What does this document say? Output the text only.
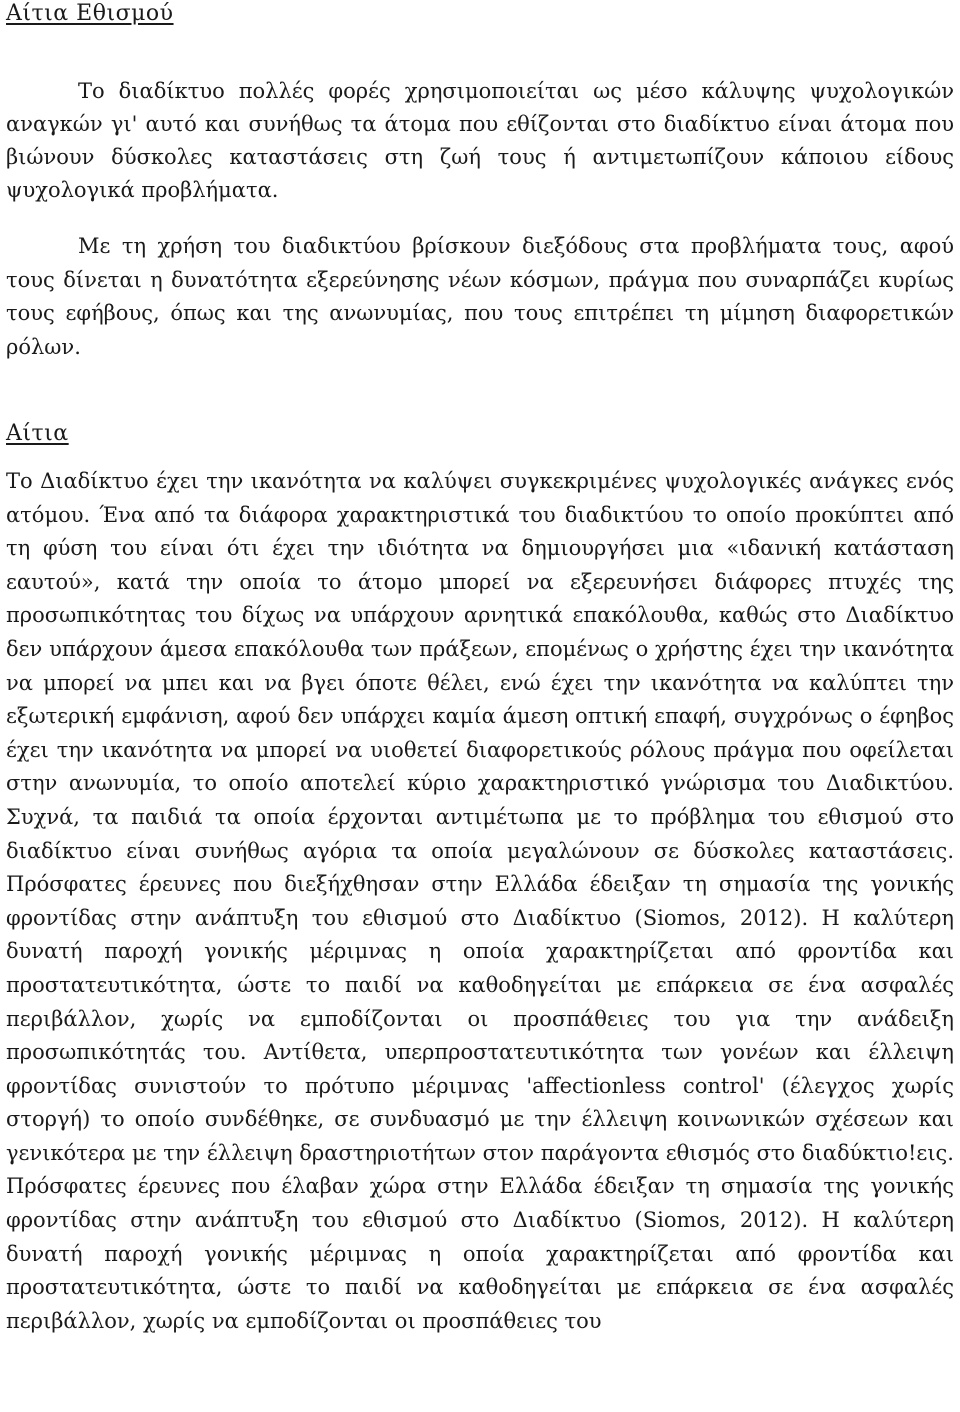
Αίτια Εθισμού

Το διαδίκτυο πολλές φορές χρησιμοποιείται ως μέσο κάλυψης ψυχολογικών αναγκών γι' αυτό και συνήθως τα άτομα που εθίζονται στο διαδίκτυο είναι άτομα που βιώνουν δύσκολες καταστάσεις στη ζωή τους ή αντιμετωπίζουν κάποιου είδους ψυχολογικά προβλήματα.

Με τη χρήση του διαδικτύου βρίσκουν διεξόδους στα προβλήματα τους, αφού τους δίνεται η δυνατότητα εξερεύνησης νέων κόσμων, πράγμα που συναρπάζει κυρίως τους εφήβους, όπως και της ανωνυμίας, που τους επιτρέπει τη μίμηση διαφορετικών ρόλων.

Αίτια

Το Διαδίκτυο έχει την ικανότητα να καλύψει συγκεκριμένες ψυχολογικές ανάγκες ενός ατόμου. Ένα από τα διάφορα χαρακτηριστικά του διαδικτύου το οποίο προκύπτει από τη φύση του είναι ότι έχει την ιδιότητα να δημιουργήσει μια «ιδανική κατάσταση εαυτού», κατά την οποία το άτομο μπορεί να εξερευνήσει διάφορες πτυχές της προσωπικότητας του δίχως να υπάρχουν αρνητικά επακόλουθα, καθώς στο Διαδίκτυο δεν υπάρχουν άμεσα επακόλουθα των πράξεων, επομένως ο χρήστης έχει την ικανότητα να μπορεί να μπει και να βγει όποτε θέλει, ενώ έχει την ικανότητα να καλύπτει την εξωτερική εμφάνιση, αφού δεν υπάρχει καμία άμεση οπτική επαφή, συγχρόνως ο έφηβος έχει την ικανότητα να μπορεί να υιοθετεί διαφορετικούς ρόλους πράγμα που οφείλεται στην ανωνυμία, το οποίο αποτελεί κύριο χαρακτηριστικό γνώρισμα του Διαδικτύου. Συχνά, τα παιδιά τα οποία έρχονται αντιμέτωπα με το πρόβλημα του εθισμού στο διαδίκτυο είναι συνήθως αγόρια τα οποία μεγαλώνουν σε δύσκολες καταστάσεις. Πρόσφατες έρευνες που διεξήχθησαν στην Ελλάδα έδειξαν τη σημασία της γονικής φροντίδας στην ανάπτυξη του εθισμού στο Διαδίκτυο (Siomos, 2012). Η καλύτερη δυνατή παροχή γονικής μέριμνας η οποία χαρακτηρίζεται από φροντίδα και προστατευτικότητα, ώστε το παιδί να καθοδηγείται με επάρκεια σε ένα ασφαλές περιβάλλον, χωρίς να εμποδίζονται οι προσπάθειες του για την ανάδειξη προσωπικότητάς του. Αντίθετα, υπερπροστατευτικότητα των γονέων και έλλειψη φροντίδας συνιστούν το πρότυπο μέριμνας 'affectionless control' (έλεγχος χωρίς στοργή) το οποίο συνδέθηκε, σε συνδυασμό με την έλλειψη κοινωνικών σχέσεων και γενικότερα με την έλλειψη δραστηριοτήτων στον παράγοντα εθισμός στο διαδύκτιο!εις. Πρόσφατες έρευνες που έλαβαν χώρα στην Ελλάδα έδειξαν τη σημασία της γονικής φροντίδας στην ανάπτυξη του εθισμού στο Διαδίκτυο (Siomos, 2012). Η καλύτερη δυνατή παροχή γονικής μέριμνας η οποία χαρακτηρίζεται από φροντίδα και προστατευτικότητα, ώστε το παιδί να καθοδηγείται με επάρκεια σε ένα ασφαλές περιβάλλον, χωρίς να εμποδίζονται οι προσπάθειες του
